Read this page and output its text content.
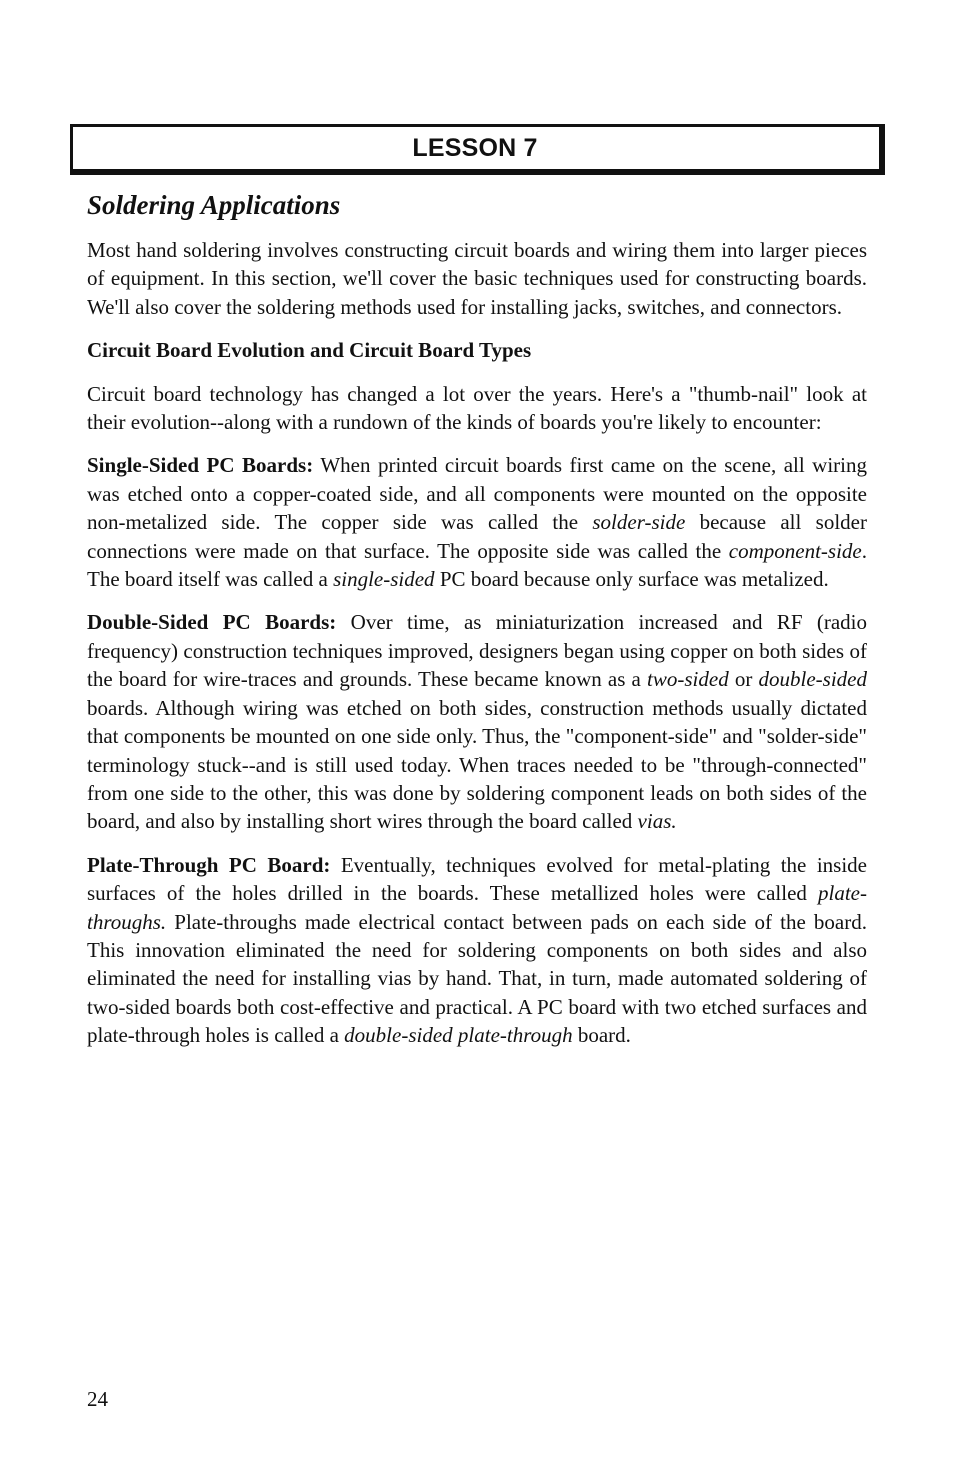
LESSON 7
Soldering Applications

Most hand soldering involves constructing circuit boards and wiring them into larger pieces of equipment. In this section, we'll cover the basic techniques used for constructing boards. We'll also cover the soldering methods used for installing jacks, switches, and connectors.

Circuit Board Evolution and Circuit Board Types

Circuit board technology has changed a lot over the years. Here's a "thumb-nail" look at their evolution--along with a rundown of the kinds of boards you're likely to encounter:

Single-Sided PC Boards: When printed circuit boards first came on the scene, all wiring was etched onto a copper-coated side, and all components were mounted on the opposite non-metalized side. The copper side was called the solder-side because all solder connections were made on that surface. The opposite side was called the component-side. The board itself was called a single-sided PC board because only surface was metalized.

Double-Sided PC Boards: Over time, as miniaturization increased and RF (radio frequency) construction techniques improved, designers began using copper on both sides of the board for wire-traces and grounds. These became known as a two-sided or double-sided boards. Although wiring was etched on both sides, construction methods usually dictated that components be mounted on one side only. Thus, the "component-side" and "solder-side" terminology stuck--and is still used today. When traces needed to be "through-connected" from one side to the other, this was done by soldering component leads on both sides of the board, and also by installing short wires through the board called vias.

Plate-Through PC Board: Eventually, techniques evolved for metal-plating the inside surfaces of the holes drilled in the boards. These metallized holes were called plate-throughs. Plate-throughs made electrical contact between pads on each side of the board. This innovation eliminated the need for soldering components on both sides and also eliminated the need for installing vias by hand. That, in turn, made automated soldering of two-sided boards both cost-effective and practical. A PC board with two etched surfaces and plate-through holes is called a double-sided plate-through board.

24
